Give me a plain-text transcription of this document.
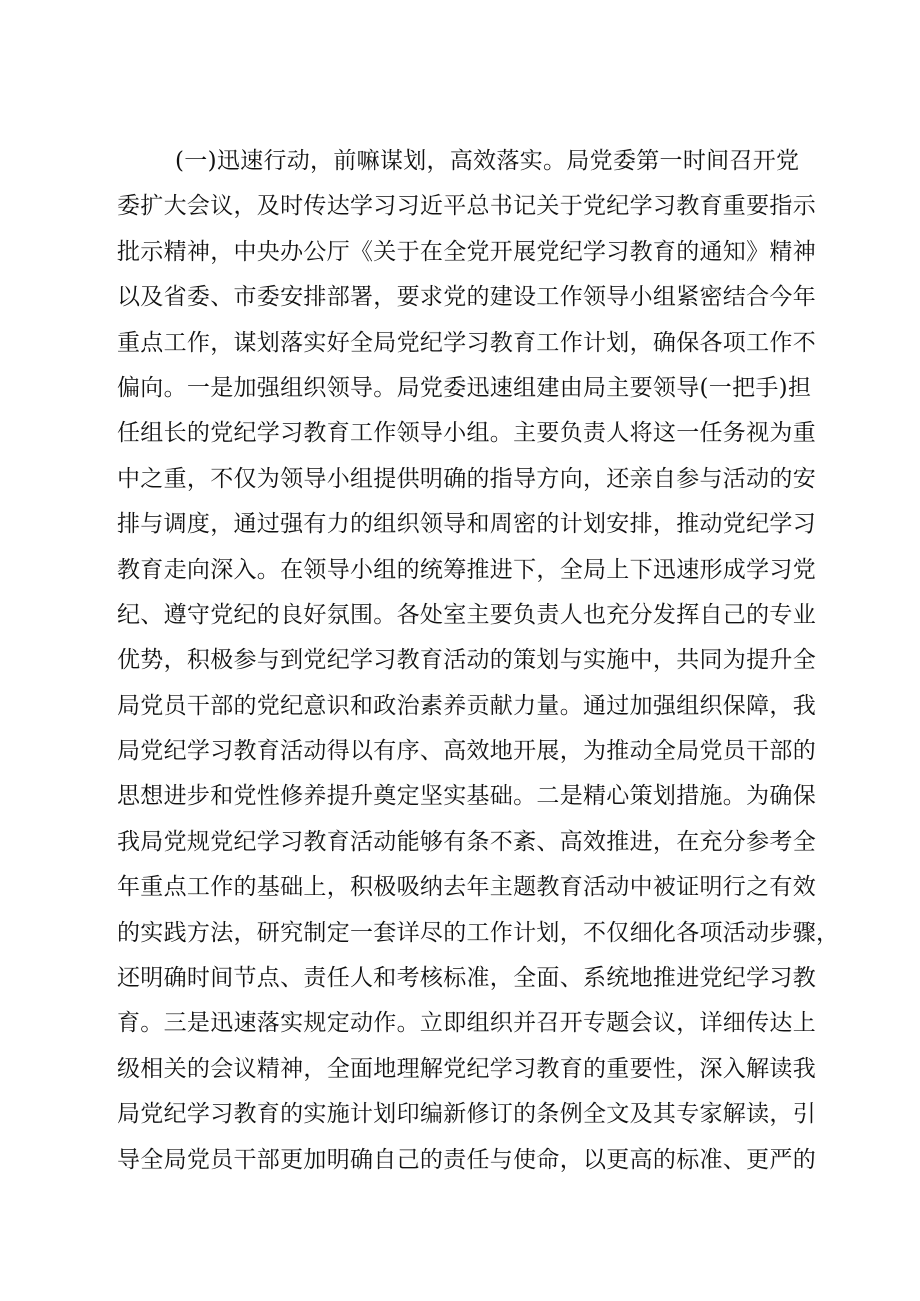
(一)迅速行动，前嘛谋划，高效落实。局党委第一时间召开党
委扩大会议，及时传达学习习近平总书记关于党纪学习教育重要指示
批示精神，中央办公厅《关于在全党开展党纪学习教育的通知》精神
以及省委、市委安排部署，要求党的建设工作领导小组紧密结合今年
重点工作，谋划落实好全局党纪学习教育工作计划，确保各项工作不
偏向。一是加强组织领导。局党委迅速组建由局主要领导(一把手)担
任组长的党纪学习教育工作领导小组。主要负责人将这一任务视为重
中之重，不仅为领导小组提供明确的指导方向，还亲自参与活动的安
排与调度，通过强有力的组织领导和周密的计划安排，推动党纪学习
教育走向深入。在领导小组的统筹推进下，全局上下迅速形成学习党
纪、遵守党纪的良好氛围。各处室主要负责人也充分发挥自己的专业
优势，积极参与到党纪学习教育活动的策划与实施中，共同为提升全
局党员干部的党纪意识和政治素养贡献力量。通过加强组织保障，我
局党纪学习教育活动得以有序、高效地开展，为推动全局党员干部的
思想进步和党性修养提升奠定坚实基础。二是精心策划措施。为确保
我局党规党纪学习教育活动能够有条不紊、高效推进，在充分参考全
年重点工作的基础上，积极吸纳去年主题教育活动中被证明行之有效
的实践方法，研究制定一套详尽的工作计划，不仅细化各项活动步骤，
还明确时间节点、责任人和考核标准，全面、系统地推进党纪学习教
育。三是迅速落实规定动作。立即组织并召开专题会议，详细传达上
级相关的会议精神，全面地理解党纪学习教育的重要性，深入解读我
局党纪学习教育的实施计划印编新修订的条例全文及其专家解读，引
导全局党员干部更加明确自己的责任与使命，以更高的标准、更严的
